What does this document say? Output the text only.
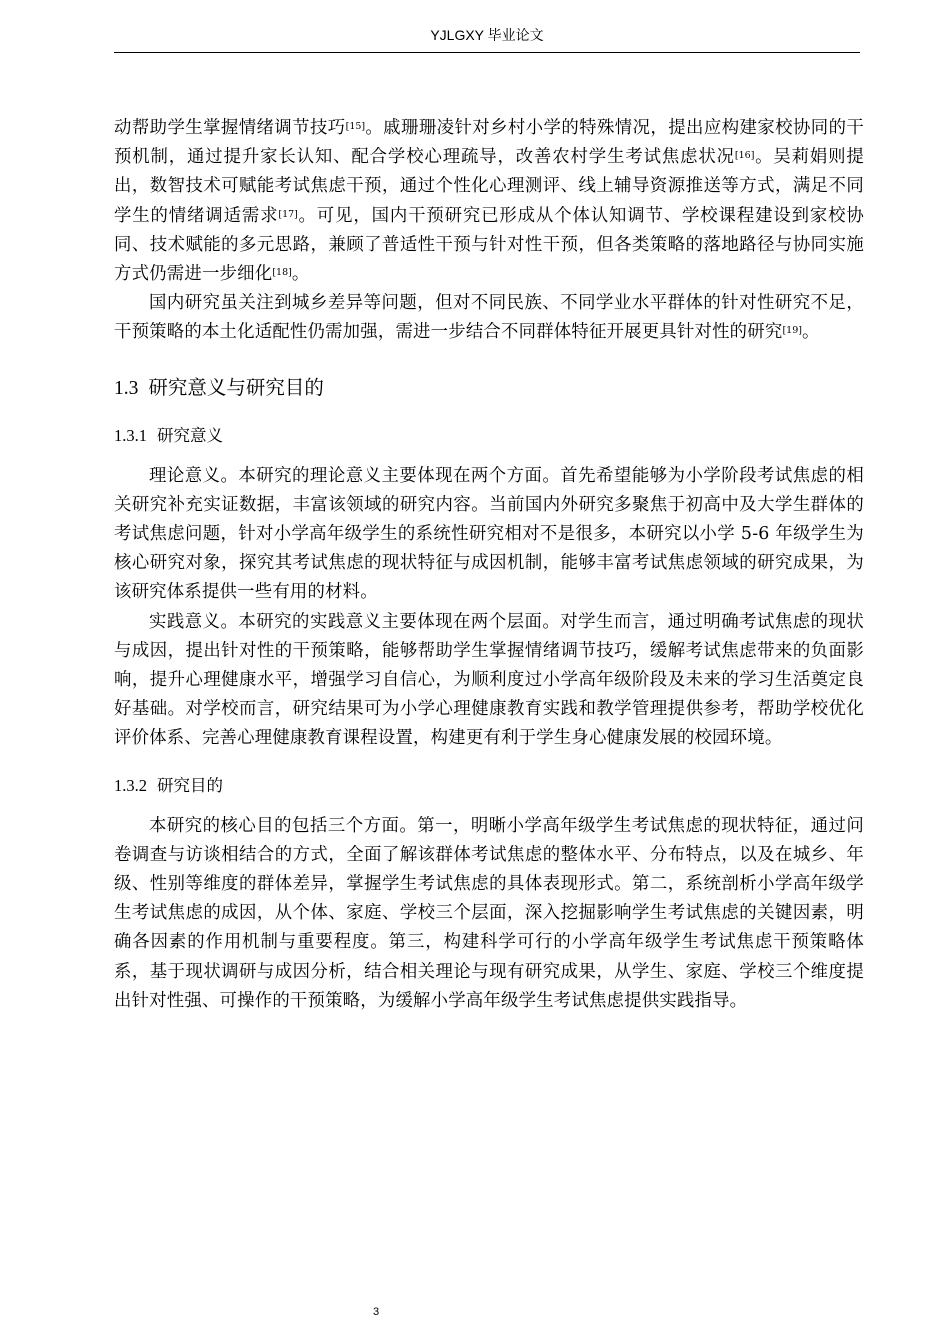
YJLGXY 毕业论文

动帮助学生掌握情绪调节技巧[15]。戚珊珊凌针对乡村小学的特殊情况，提出应构建家校协同的干预机制，通过提升家长认知、配合学校心理疏导，改善农村学生考试焦虑状况[16]。吴莉娟则提出，数智技术可赋能考试焦虑干预，通过个性化心理测评、线上辅导资源推送等方式，满足不同学生的情绪调适需求[17]。可见，国内干预研究已形成从个体认知调节、学校课程建设到家校协同、技术赋能的多元思路，兼顾了普适性干预与针对性干预，但各类策略的落地路径与协同实施方式仍需进一步细化[18]。

国内研究虽关注到城乡差异等问题，但对不同民族、不同学业水平群体的针对性研究不足，干预策略的本土化适配性仍需加强，需进一步结合不同群体特征开展更具针对性的研究[19]。

1.3 研究意义与研究目的
1.3.1 研究意义

理论意义。本研究的理论意义主要体现在两个方面。首先希望能够为小学阶段考试焦虑的相关研究补充实证数据，丰富该领域的研究内容。当前国内外研究多聚焦于初高中及大学生群体的考试焦虑问题，针对小学高年级学生的系统性研究相对不是很多，本研究以小学 5-6 年级学生为核心研究对象，探究其考试焦虑的现状特征与成因机制，能够丰富考试焦虑领域的研究成果，为该研究体系提供一些有用的材料。

实践意义。本研究的实践意义主要体现在两个层面。对学生而言，通过明确考试焦虑的现状与成因，提出针对性的干预策略，能够帮助学生掌握情绪调节技巧，缓解考试焦虑带来的负面影响，提升心理健康水平，增强学习自信心，为顺利度过小学高年级阶段及未来的学习生活奠定良好基础。对学校而言，研究结果可为小学心理健康教育实践和教学管理提供参考，帮助学校优化评价体系、完善心理健康教育课程设置，构建更有利于学生身心健康发展的校园环境。

1.3.2 研究目的

本研究的核心目的包括三个方面。第一，明晰小学高年级学生考试焦虑的现状特征，通过问卷调查与访谈相结合的方式，全面了解该群体考试焦虑的整体水平、分布特点，以及在城乡、年级、性别等维度的群体差异，掌握学生考试焦虑的具体表现形式。第二，系统剖析小学高年级学生考试焦虑的成因，从个体、家庭、学校三个层面，深入挖掘影响学生考试焦虑的关键因素，明确各因素的作用机制与重要程度。第三，构建科学可行的小学高年级学生考试焦虑干预策略体系，基于现状调研与成因分析，结合相关理论与现有研究成果，从学生、家庭、学校三个维度提出针对性强、可操作的干预策略，为缓解小学高年级学生考试焦虑提供实践指导。

3
